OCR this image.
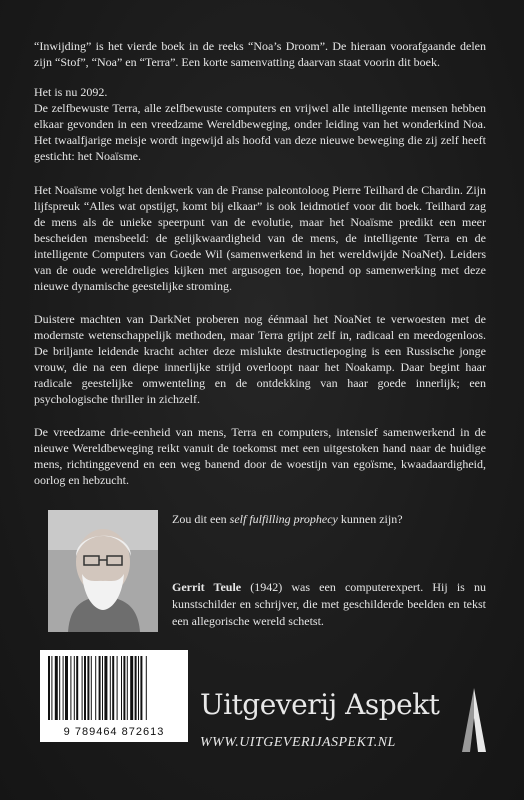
“Inwijding” is het vierde boek in de reeks “Noa’s Droom”. De hieraan voorafgaande delen zijn “Stof”, “Noa” en “Terra”. Een korte samenvatting daarvan staat voorin dit boek.

Het is nu 2092.
De zelfbewuste Terra, alle zelfbewuste computers en vrijwel alle intelligente mensen hebben elkaar gevonden in een vreedzame Wereldbeweging, onder leiding van het wonderkind Noa. Het twaalfjarige meisje wordt ingewijd als hoofd van deze nieuwe beweging die zij zelf heeft gesticht: het Noaïsme.

Het Noaïsme volgt het denkwerk van de Franse paleontoloog Pierre Teilhard de Chardin. Zijn lijfspreuk “Alles wat opstijgt, komt bij elkaar” is ook leidmotief voor dit boek. Teilhard zag de mens als de unieke speerpunt van de evolutie, maar het Noaïsme predikt een meer bescheiden mensbeeld: de gelijkwaardigheid van de mens, de intelligente Terra en de intelligente Computers van Goede Wil (samenwerkend in het wereldwijde NoaNet). Leiders van de oude wereldreligies kijken met argusogen toe, hopend op samenwerking met deze nieuwe dynamische geestelijke stroming.

Duistere machten van DarkNet proberen nog éénmaal het NoaNet te verwoesten met de modernste wetenschappelijk methoden, maar Terra grijpt zelf in, radicaal en meedogenloos. De briljante leidende kracht achter deze mislukte destructiepoging is een Russische jonge vrouw, die na een diepe innerlijke strijd overloopt naar het Noakamp. Daar begint haar radicale geestelijke omwenteling en de ontdekking van haar goede innerlijk; een psychologische thriller in zichzelf.

De vreedzame drie-eenheid van mens, Terra en computers, intensief samenwerkend in de nieuwe Wereldbeweging reikt vanuit de toekomst met een uitgestoken hand naar de huidige mens, richtinggevend en een weg banend door de woestijn van egoïsme, kwaadaardigheid, oorlog en hebzucht.

Zou dit een self fulfilling prophecy kunnen zijn?

Gerrit Teule (1942) was een computerexpert. Hij is nu kunstschilder en schrijver, die met geschilderde beelden en tekst een allegorische wereld schetst.

9 789464 872613
Uitgeverij Aspekt
WWW.UITGEVERIJASPEKT.NL
